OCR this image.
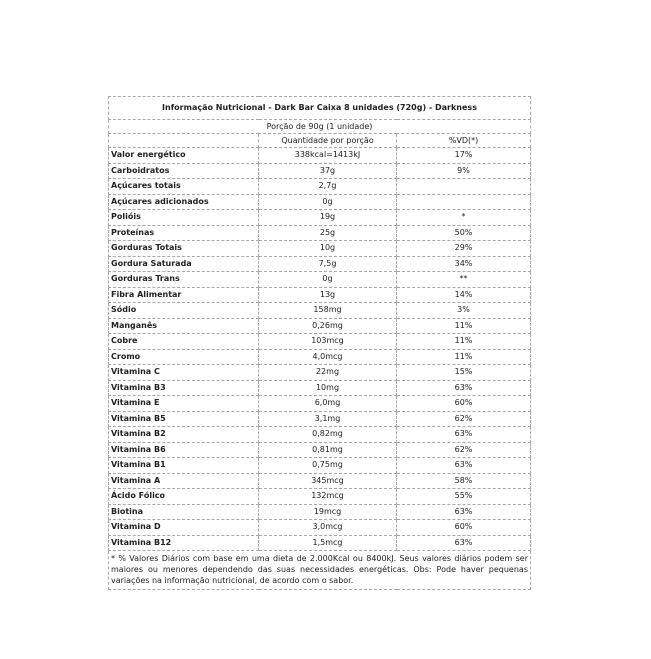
Informação Nutricional - Dark Bar Caixa 8 unidades (720g) - Darkness		
Porção de 90g (1 unidade)		
	Quantidade por porção	%VD(*)
Valor energético	338kcal=1413kJ	17%
Carboidratos	37g	9%
Açúcares totais	2,7g	
Açúcares adicionados	0g	
Polióis	19g	*
Proteínas	25g	50%
Gorduras Totais	10g	29%
Gordura Saturada	7,5g	34%
Gorduras Trans	0g	**
Fibra Alimentar	13g	14%
Sódio	158mg	3%
Manganês	0,26mg	11%
Cobre	103mcg	11%
Cromo	4,0mcg	11%
Vitamina C	22mg	15%
Vitamina B3	10mg	63%
Vitamina E	6,0mg	60%
Vitamina B5	3,1mg	62%
Vitamina B2	0,82mg	63%
Vitamina B6	0,81mg	62%
Vitamina B1	0,75mg	63%
Vitamina A	345mcg	58%
Ácido Fólico	132mcg	55%
Biotina	19mcg	63%
Vitamina D	3,0mcg	60%
Vitamina B12	1,5mcg	63%
* % Valores Diários com base em uma dieta de 2.000Kcal ou 8400kJ. Seus valores diários podem ser maiores ou menores dependendo das suas necessidades energéticas. Obs: Pode haver pequenas variações na informação nutricional, de acordo com o sabor.		
